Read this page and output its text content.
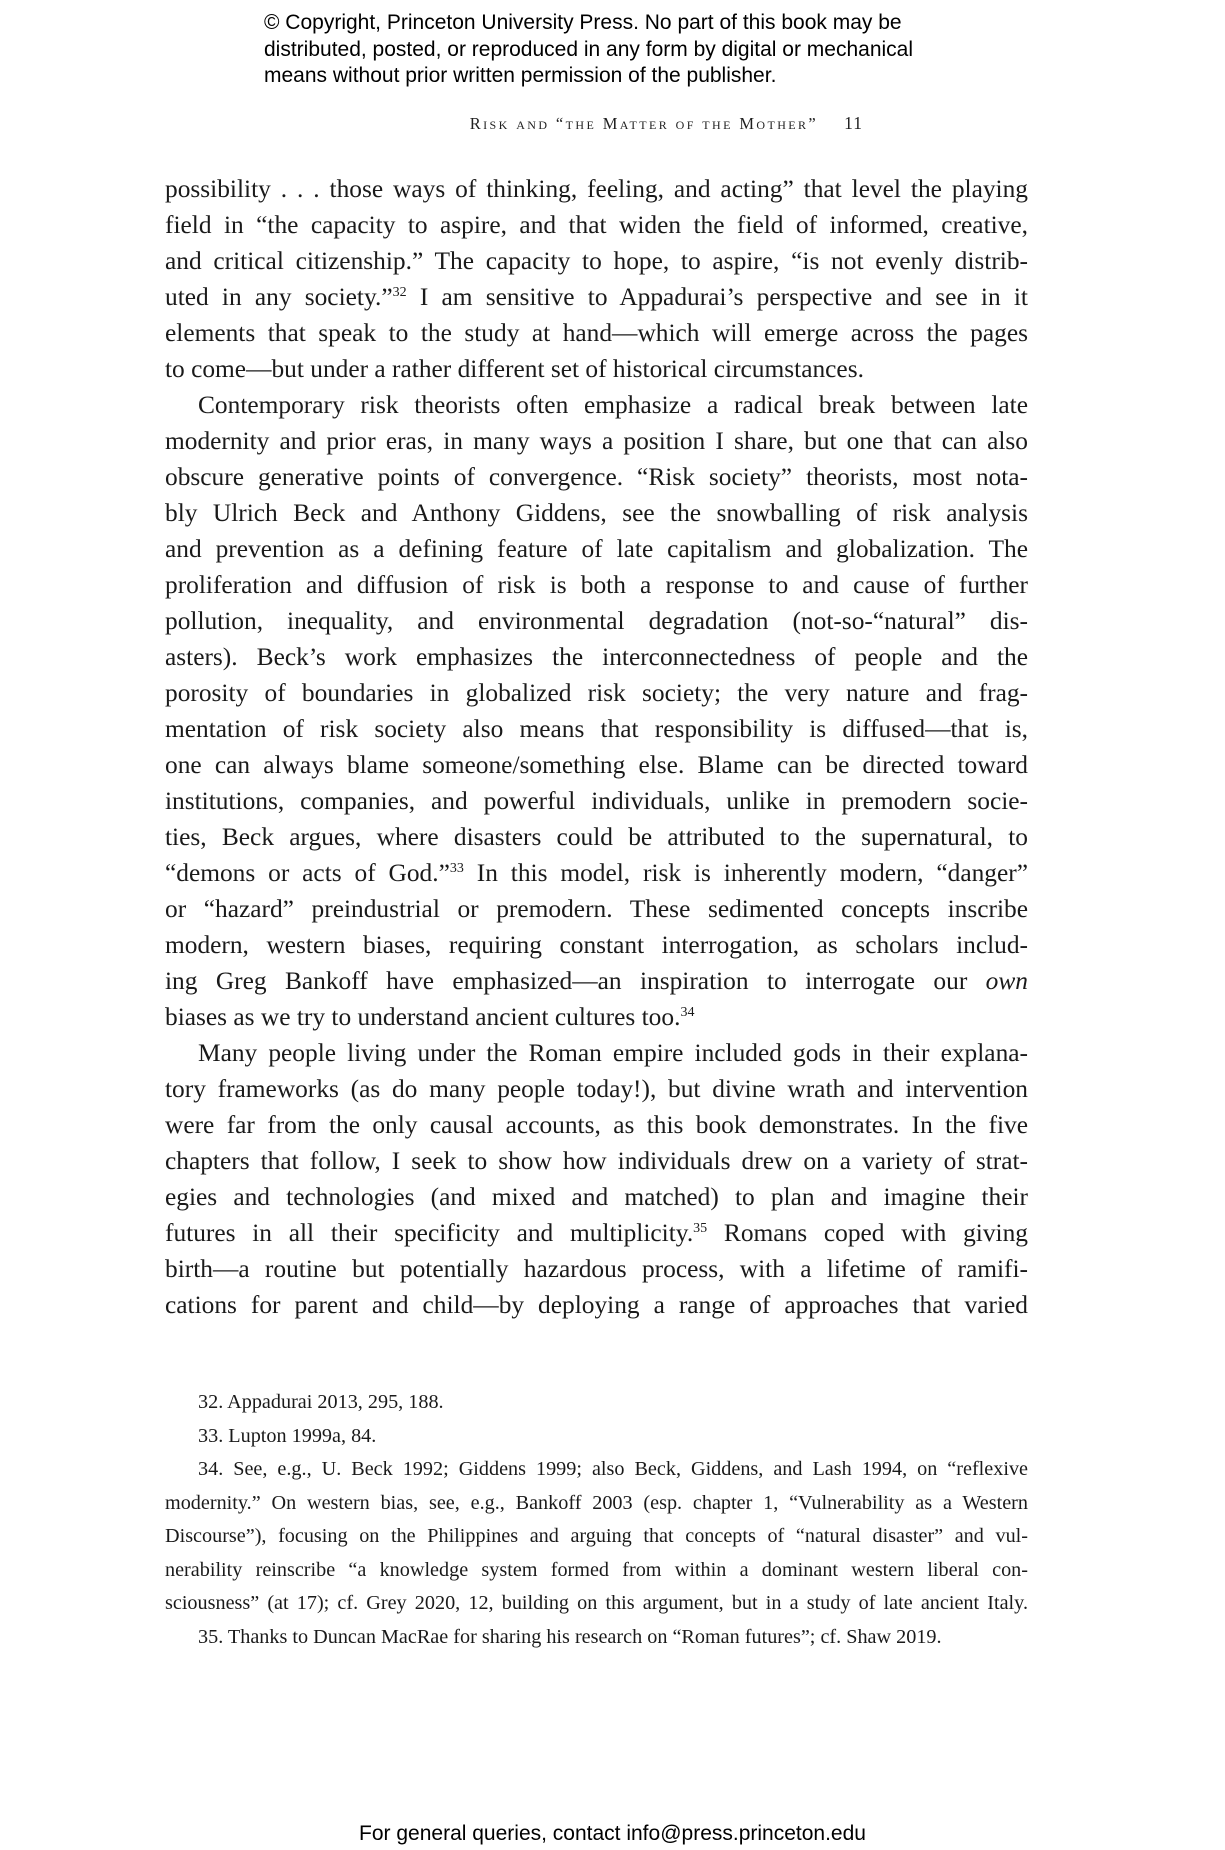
© Copyright, Princeton University Press. No part of this book may be
distributed, posted, or reproduced in any form by digital or mechanical
means without prior written permission of the publisher.
Risk and “the Matter of the Mother” 11
possibility . . . those ways of thinking, feeling, and acting” that level the playing
field in “the capacity to aspire, and that widen the field of informed, creative,
and critical citizenship.” The capacity to hope, to aspire, “is not evenly distrib-
uted in any society.”$^{32}$ I am sensitive to Appadurai’s perspective and see in it
elements that speak to the study at hand—which will emerge across the pages
to come—but under a rather different set of historical circumstances.
Contemporary risk theorists often emphasize a radical break between late
modernity and prior eras, in many ways a position I share, but one that can also
obscure generative points of convergence. “Risk society” theorists, most nota-
bly Ulrich Beck and Anthony Giddens, see the snowballing of risk analysis
and prevention as a defining feature of late capitalism and globalization. The
proliferation and diffusion of risk is both a response to and cause of further
pollution, inequality, and environmental degradation (not-so-“natural” dis-
asters). Beck’s work emphasizes the interconnectedness of people and the
porosity of boundaries in globalized risk society; the very nature and frag-
mentation of risk society also means that responsibility is diffused—that is,
one can always blame someone/something else. Blame can be directed toward
institutions, companies, and powerful individuals, unlike in premodern socie-
ties, Beck argues, where disasters could be attributed to the supernatural, to
“demons or acts of God.”$^{33}$ In this model, risk is inherently modern, “danger”
or “hazard” preindustrial or premodern. These sedimented concepts inscribe
modern, western biases, requiring constant interrogation, as scholars includ-
ing Greg Bankoff have emphasized—an inspiration to interrogate our own
biases as we try to understand ancient cultures too.$^{34}$
Many people living under the Roman empire included gods in their explana-
tory frameworks (as do many people today!), but divine wrath and intervention
were far from the only causal accounts, as this book demonstrates. In the five
chapters that follow, I seek to show how individuals drew on a variety of strat-
egies and technologies (and mixed and matched) to plan and imagine their
futures in all their specificity and multiplicity.$^{35}$ Romans coped with giving
birth—a routine but potentially hazardous process, with a lifetime of ramifi-
cations for parent and child—by deploying a range of approaches that varied
32. Appadurai 2013, 295, 188.
33. Lupton 1999a, 84.
34. See, e.g., U. Beck 1992; Giddens 1999; also Beck, Giddens, and Lash 1994, on “reflexive
modernity.” On western bias, see, e.g., Bankoff 2003 (esp. chapter 1, “Vulnerability as a Western
Discourse”), focusing on the Philippines and arguing that concepts of “natural disaster” and vul-
nerability reinscribe “a knowledge system formed from within a dominant western liberal con-
sciousness” (at 17); cf. Grey 2020, 12, building on this argument, but in a study of late ancient Italy.
35. Thanks to Duncan MacRae for sharing his research on “Roman futures”; cf. Shaw 2019.
For general queries, contact info@press.princeton.edu
